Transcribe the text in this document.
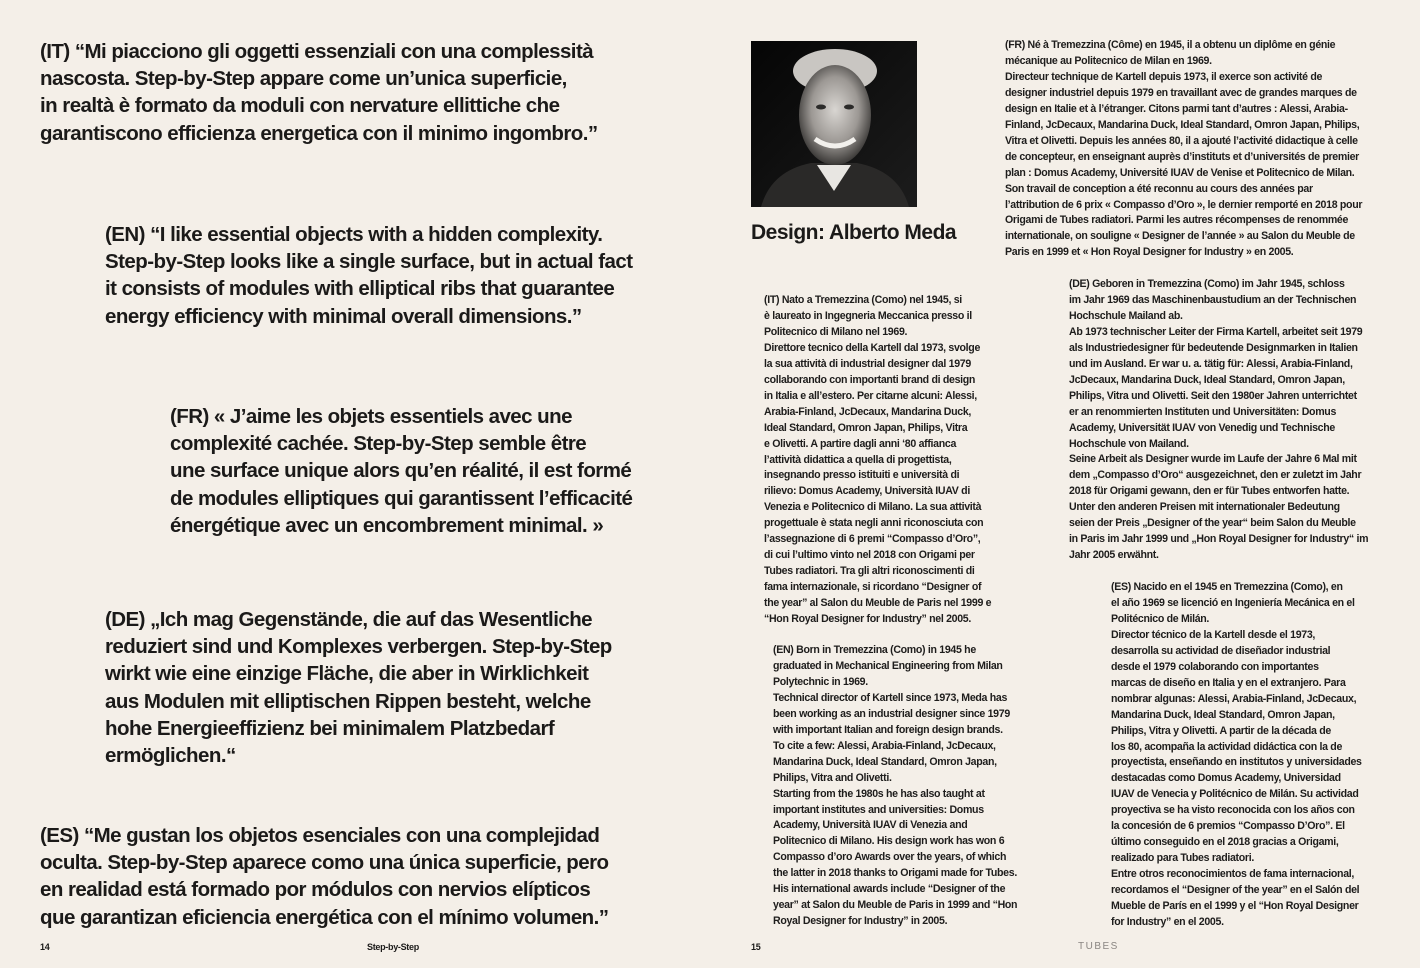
(IT) “Mi piacciono gli oggetti essenziali con una complessità
nascosta. Step-by-Step appare come un’unica superficie,
in realtà è formato da moduli con nervature ellittiche che
garantiscono efficienza energetica con il minimo ingombro.”
(EN) “I like essential objects with a hidden complexity.
Step-by-Step looks like a single surface, but in actual fact
it consists of modules with elliptical ribs that guarantee
energy efficiency with minimal overall dimensions.”
(FR) « J’aime les objets essentiels avec une
complexité cachée. Step-by-Step semble être
une surface unique alors qu’en réalité, il est formé
de modules elliptiques qui garantissent l’efficacité
énergétique avec un encombrement minimal. »
(DE) „Ich mag Gegenstände, die auf das Wesentliche
reduziert sind und Komplexes verbergen. Step-by-Step
wirkt wie eine einzige Fläche, die aber in Wirklichkeit
aus Modulen mit elliptischen Rippen besteht, welche
hohe Energieeffizienz bei minimalem Platzbedarf
ermöglichen.“
(ES) “Me gustan los objetos esenciales con una complejidad
oculta. Step-by-Step aparece como una única superficie, pero
en realidad está formado por módulos con nervios elípticos
que garantizan eficiencia energética con el mínimo volumen.”
Design: Alberto Meda
(FR) Né à Tremezzina (Côme) en 1945, il a obtenu un diplôme en génie
mécanique au Politecnico de Milan en 1969.
Directeur technique de Kartell depuis 1973, il exerce son activité de
designer industriel depuis 1979 en travaillant avec de grandes marques de
design en Italie et à l’étranger. Citons parmi tant d’autres : Alessi, Arabia-
Finland, JcDecaux, Mandarina Duck, Ideal Standard, Omron Japan, Philips,
Vitra et Olivetti. Depuis les années 80, il a ajouté l’activité didactique à celle
de concepteur, en enseignant auprès d’instituts et d’universités de premier
plan : Domus Academy, Université IUAV de Venise et Politecnico de Milan.
Son travail de conception a été reconnu au cours des années par
l’attribution de 6 prix « Compasso d’Oro », le dernier remporté en 2018 pour
Origami de Tubes radiatori. Parmi les autres récompenses de renommée
internationale, on souligne « Designer de l’année » au Salon du Meuble de
Paris en 1999 et « Hon Royal Designer for Industry » en 2005.
(IT) Nato a Tremezzina (Como) nel 1945, si
è laureato in Ingegneria Meccanica presso il
Politecnico di Milano nel 1969.
Direttore tecnico della Kartell dal 1973, svolge
la sua attività di industrial designer dal 1979
collaborando con importanti brand di design
in Italia e all’estero. Per citarne alcuni: Alessi,
Arabia-Finland, JcDecaux, Mandarina Duck,
Ideal Standard, Omron Japan, Philips, Vitra
e Olivetti. A partire dagli anni ‘80 affianca
l’attività didattica a quella di progettista,
insegnando presso istituiti e università di
rilievo: Domus Academy, Università IUAV di
Venezia e Politecnico di Milano. La sua attività
progettuale è stata negli anni riconosciuta con
l’assegnazione di 6 premi “Compasso d’Oro”,
di cui l’ultimo vinto nel 2018 con Origami per
Tubes radiatori. Tra gli altri riconoscimenti di
fama internazionale, si ricordano “Designer of
the year” al Salon du Meuble de Paris nel 1999 e
“Hon Royal Designer for Industry” nel 2005.
(DE) Geboren in Tremezzina (Como) im Jahr 1945, schloss
im Jahr 1969 das Maschinenbaustudium an der Technischen
Hochschule Mailand ab.
Ab 1973 technischer Leiter der Firma Kartell, arbeitet seit 1979
als Industriedesigner für bedeutende Designmarken in Italien
und im Ausland. Er war u. a. tätig für: Alessi, Arabia-Finland,
JcDecaux, Mandarina Duck, Ideal Standard, Omron Japan,
Philips, Vitra und Olivetti. Seit den 1980er Jahren unterrichtet
er an renommierten Instituten und Universitäten: Domus
Academy, Universität IUAV von Venedig und Technische
Hochschule von Mailand.
Seine Arbeit als Designer wurde im Laufe der Jahre 6 Mal mit
dem „Compasso d’Oro“ ausgezeichnet, den er zuletzt im Jahr
2018 für Origami gewann, den er für Tubes entworfen hatte.
Unter den anderen Preisen mit internationaler Bedeutung
seien der Preis „Designer of the year“ beim Salon du Meuble
in Paris im Jahr 1999 und „Hon Royal Designer for Industry“ im
Jahr 2005 erwähnt.
(EN) Born in Tremezzina (Como) in 1945 he
graduated in Mechanical Engineering from Milan
Polytechnic in 1969.
Technical director of Kartell since 1973, Meda has
been working as an industrial designer since 1979
with important Italian and foreign design brands.
To cite a few: Alessi, Arabia-Finland, JcDecaux,
Mandarina Duck, Ideal Standard, Omron Japan,
Philips, Vitra and Olivetti.
Starting from the 1980s he has also taught at
important institutes and universities: Domus
Academy, Università IUAV di Venezia and
Politecnico di Milano. His design work has won 6
Compasso d’oro Awards over the years, of which
the latter in 2018 thanks to Origami made for Tubes.
His international awards include “Designer of the
year” at Salon du Meuble de Paris in 1999 and “Hon
Royal Designer for Industry” in 2005.
(ES) Nacido en el 1945 en Tremezzina (Como), en
el año 1969 se licenció en Ingeniería Mecánica en el
Politécnico de Milán.
Director técnico de la Kartell desde el 1973,
desarrolla su actividad de diseñador industrial
desde el 1979 colaborando con importantes
marcas de diseño en Italia y en el extranjero. Para
nombrar algunas: Alessi, Arabia-Finland, JcDecaux,
Mandarina Duck, Ideal Standard, Omron Japan,
Philips, Vitra y Olivetti. A partir de la década de
los 80, acompaña la actividad didáctica con la de
proyectista, enseñando en institutos y universidades
destacadas como Domus Academy, Universidad
IUAV de Venecia y Politécnico de Milán. Su actividad
proyectiva se ha visto reconocida con los años con
la concesión de 6 premios “Compasso D’Oro”. El
último conseguido en el 2018 gracias a Origami,
realizado para Tubes radiatori.
Entre otros reconocimientos de fama internacional,
recordamos el “Designer of the year” en el Salón del
Mueble de París en el 1999 y el “Hon Royal Designer
for Industry” en el 2005.
14	Step-by-Step	15	TUBES
